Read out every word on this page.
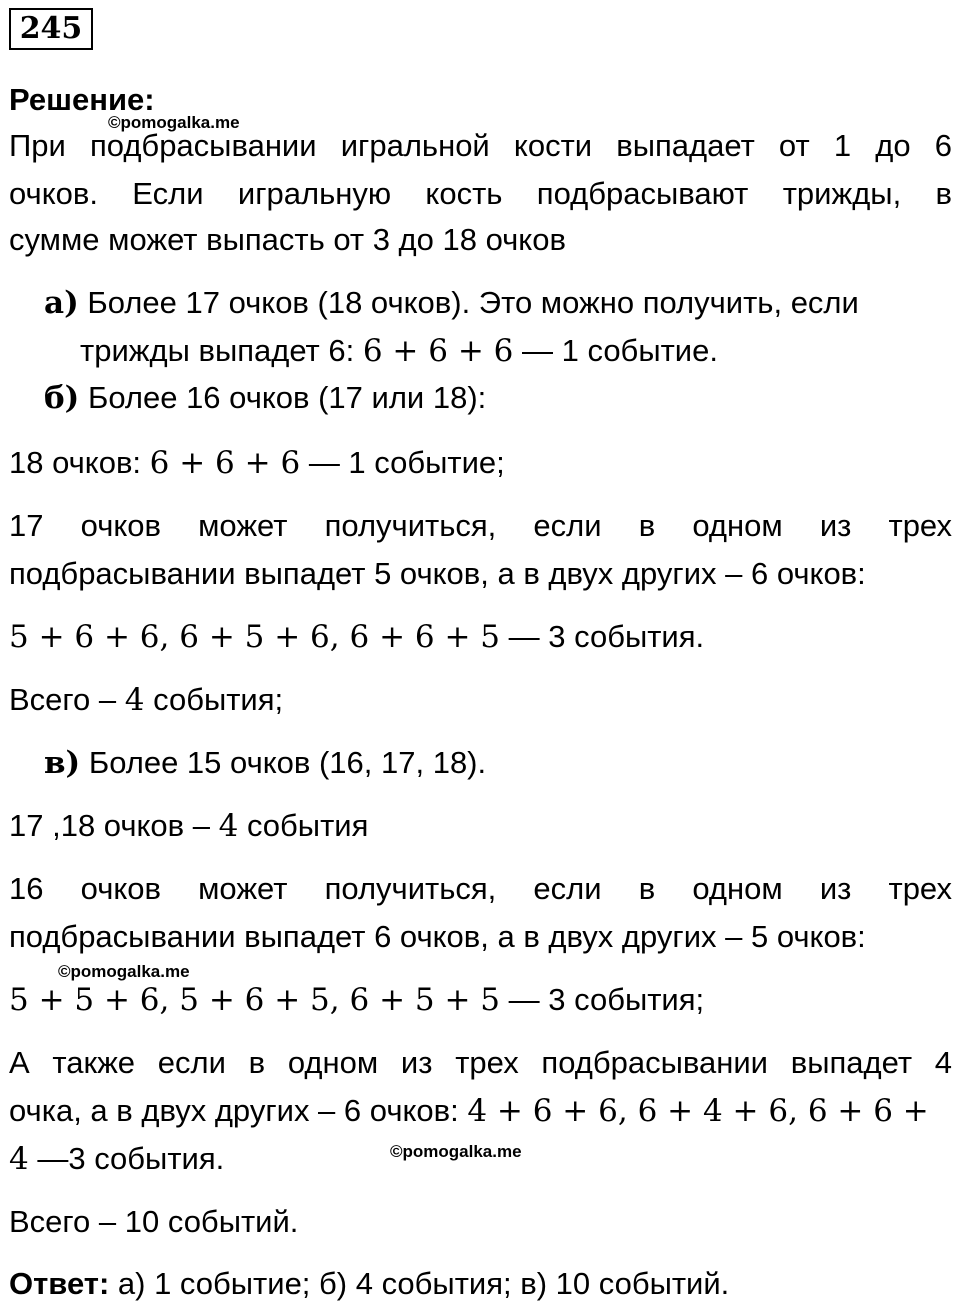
245
Решение:
©pomogalka.me
При подбрасывании игральной кости выпадает от 1 до 6
очков. Если игральную кость подбрасывают трижды, в
сумме может выпасть от 3 до 18 очков
а) Более 17 очков (18 очков). Это можно получить, если
трижды выпадет 6: 6 + 6 + 6 — 1 событие.
б) Более 16 очков (17 или 18):
18 очков: 6 + 6 + 6 — 1 событие;
17 очков может получиться, если в одном из трех
подбрасывании выпадет 5 очков, а в двух других – 6 очков:
5 + 6 + 6, 6 + 5 + 6, 6 + 6 + 5 — 3 события.
Всего – 4 события;
в) Более 15 очков (16, 17, 18).
17 ,18 очков – 4 события
16 очков может получиться, если в одном из трех
подбрасывании выпадет 6 очков, а в двух других – 5 очков:
©pomogalka.me
5 + 5 + 6, 5 + 6 + 5, 6 + 5 + 5 — 3 события;
А также если в одном из трех подбрасывании выпадет 4
очка, а в двух других – 6 очков: 4 + 6 + 6, 6 + 4 + 6, 6 + 6 +
4 —3 события.	©pomogalka.me
Всего – 10 событий.
Ответ: а) 1 событие; б) 4 события; в) 10 событий.
